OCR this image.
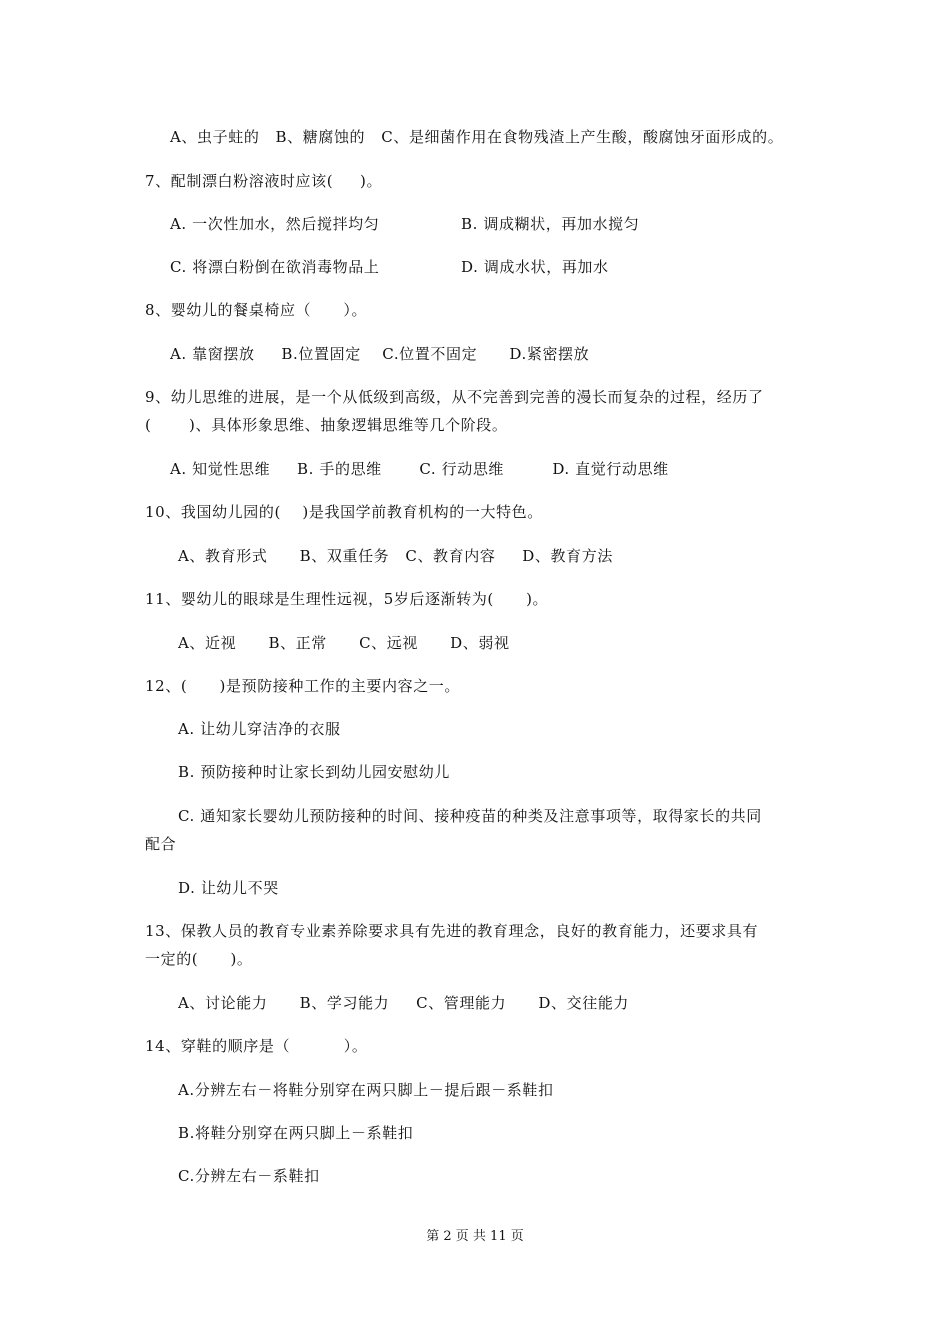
A、虫子蛀的   B、糖腐蚀的   C、是细菌作用在食物残渣上产生酸，酸腐蚀牙面形成的。
7、配制漂白粉溶液时应该(     )。
A. 一次性加水，然后搅拌均匀	B. 调成糊状，再加水搅匀
C. 将漂白粉倒在欲消毒物品上	D. 调成水状，再加水
8、婴幼儿的餐桌椅应（      ）。
A. 靠窗摆放     B.位置固定    C.位置不固定      D.紧密摆放
9、幼儿思维的进展，是一个从低级到高级，从不完善到完善的漫长而复杂的过程，经历了
(       )、具体形象思维、抽象逻辑思维等几个阶段。
A. 知觉性思维     B. 手的思维       C. 行动思维         D. 直觉行动思维
10、我国幼儿园的(    )是我国学前教育机构的一大特色。
A、教育形式      B、双重任务   C、教育内容     D、教育方法
11、婴幼儿的眼球是生理性远视，5岁后逐渐转为(      )。
A、近视      B、正常      C、远视      D、弱视
12、(      )是预防接种工作的主要内容之一。
A. 让幼儿穿洁净的衣服
B. 预防接种时让家长到幼儿园安慰幼儿
C. 通知家长婴幼儿预防接种的时间、接种疫苗的种类及注意事项等，取得家长的共同
配合
D. 让幼儿不哭
13、保教人员的教育专业素养除要求具有先进的教育理念，良好的教育能力，还要求具有
一定的(      )。
A、讨论能力      B、学习能力     C、管理能力      D、交往能力
14、穿鞋的顺序是（          ）。
A.分辨左右－将鞋分别穿在两只脚上－提后跟－系鞋扣
B.将鞋分别穿在两只脚上－系鞋扣
C.分辨左右－系鞋扣
第 2 页 共 11 页
